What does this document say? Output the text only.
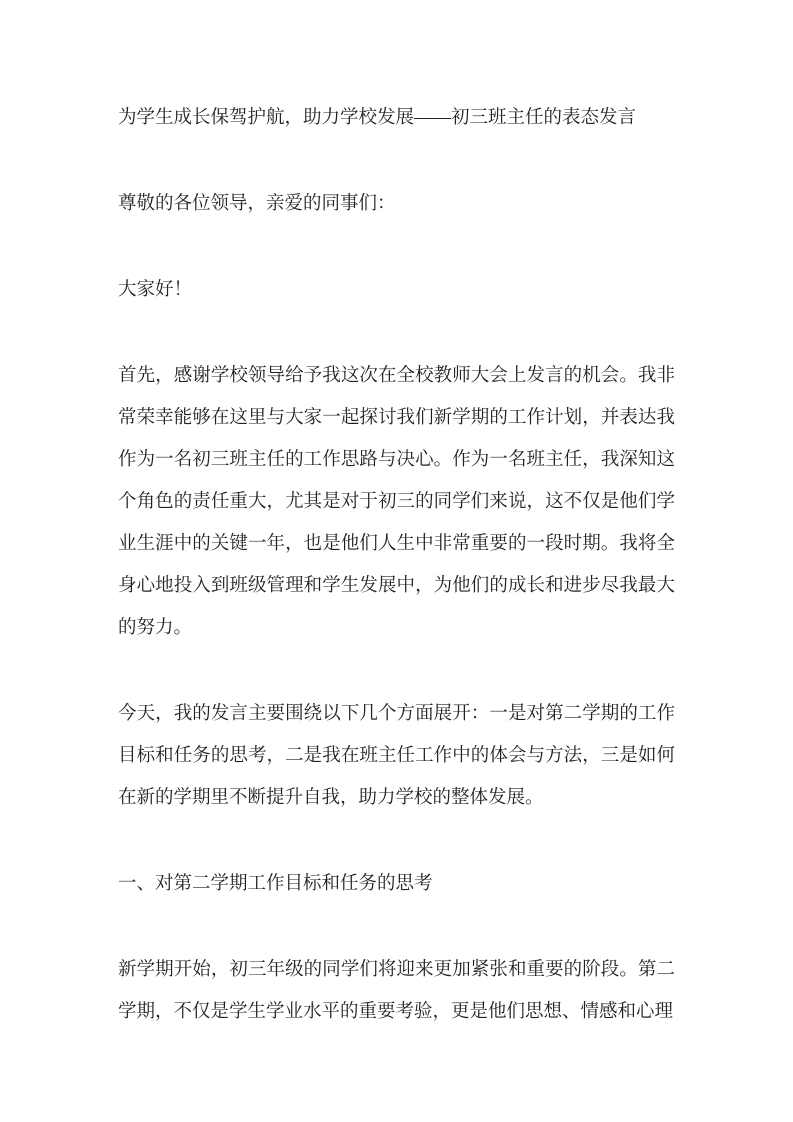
为学生成长保驾护航，助力学校发展——初三班主任的表态发言

尊敬的各位领导，亲爱的同事们：

大家好！

首先，感谢学校领导给予我这次在全校教师大会上发言的机会。我非常荣幸能够在这里与大家一起探讨我们新学期的工作计划，并表达我作为一名初三班主任的工作思路与决心。作为一名班主任，我深知这个角色的责任重大，尤其是对于初三的同学们来说，这不仅是他们学业生涯中的关键一年，也是他们人生中非常重要的一段时期。我将全身心地投入到班级管理和学生发展中，为他们的成长和进步尽我最大的努力。

今天，我的发言主要围绕以下几个方面展开：一是对第二学期的工作目标和任务的思考，二是我在班主任工作中的体会与方法，三是如何在新的学期里不断提升自我，助力学校的整体发展。

一、对第二学期工作目标和任务的思考

新学期开始，初三年级的同学们将迎来更加紧张和重要的阶段。第二学期，不仅是学生学业水平的重要考验，更是他们思想、情感和心理
